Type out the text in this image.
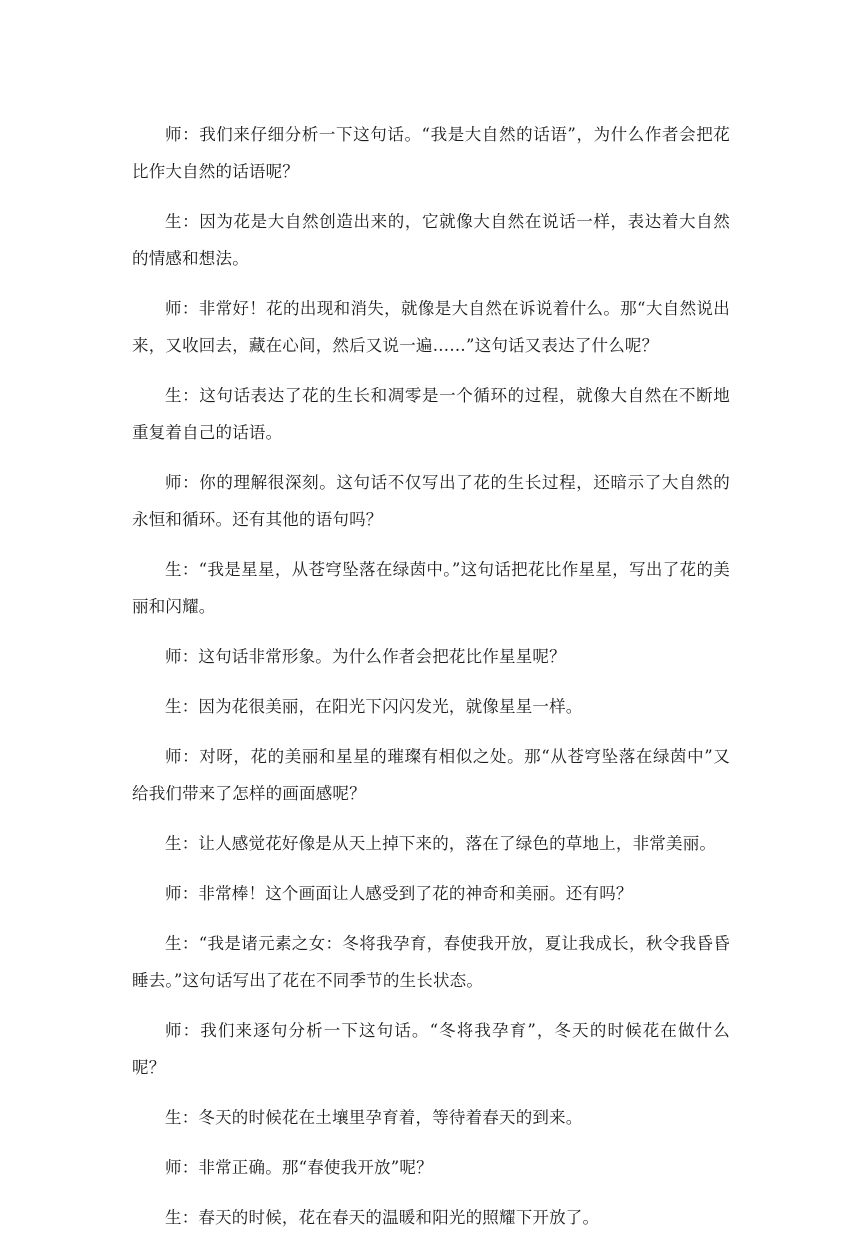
师：我们来仔细分析一下这句话。“我是大自然的话语”，为什么作者会把花比作大自然的话语呢？

生：因为花是大自然创造出来的，它就像大自然在说话一样，表达着大自然的情感和想法。

师：非常好！花的出现和消失，就像是大自然在诉说着什么。那“大自然说出来，又收回去，藏在心间，然后又说一遍……”这句话又表达了什么呢？

生：这句话表达了花的生长和凋零是一个循环的过程，就像大自然在不断地重复着自己的话语。

师：你的理解很深刻。这句话不仅写出了花的生长过程，还暗示了大自然的永恒和循环。还有其他的语句吗？

生：“我是星星，从苍穹坠落在绿茵中。”这句话把花比作星星，写出了花的美丽和闪耀。

师：这句话非常形象。为什么作者会把花比作星星呢？

生：因为花很美丽，在阳光下闪闪发光，就像星星一样。

师：对呀，花的美丽和星星的璀璨有相似之处。那“从苍穹坠落在绿茵中”又给我们带来了怎样的画面感呢？

生：让人感觉花好像是从天上掉下来的，落在了绿色的草地上，非常美丽。

师：非常棒！这个画面让人感受到了花的神奇和美丽。还有吗？

生：“我是诸元素之女：冬将我孕育，春使我开放，夏让我成长，秋令我昏昏睡去。”这句话写出了花在不同季节的生长状态。

师：我们来逐句分析一下这句话。“冬将我孕育”，冬天的时候花在做什么呢？

生：冬天的时候花在土壤里孕育着，等待着春天的到来。

师：非常正确。那“春使我开放”呢？

生：春天的时候，花在春天的温暖和阳光的照耀下开放了。
